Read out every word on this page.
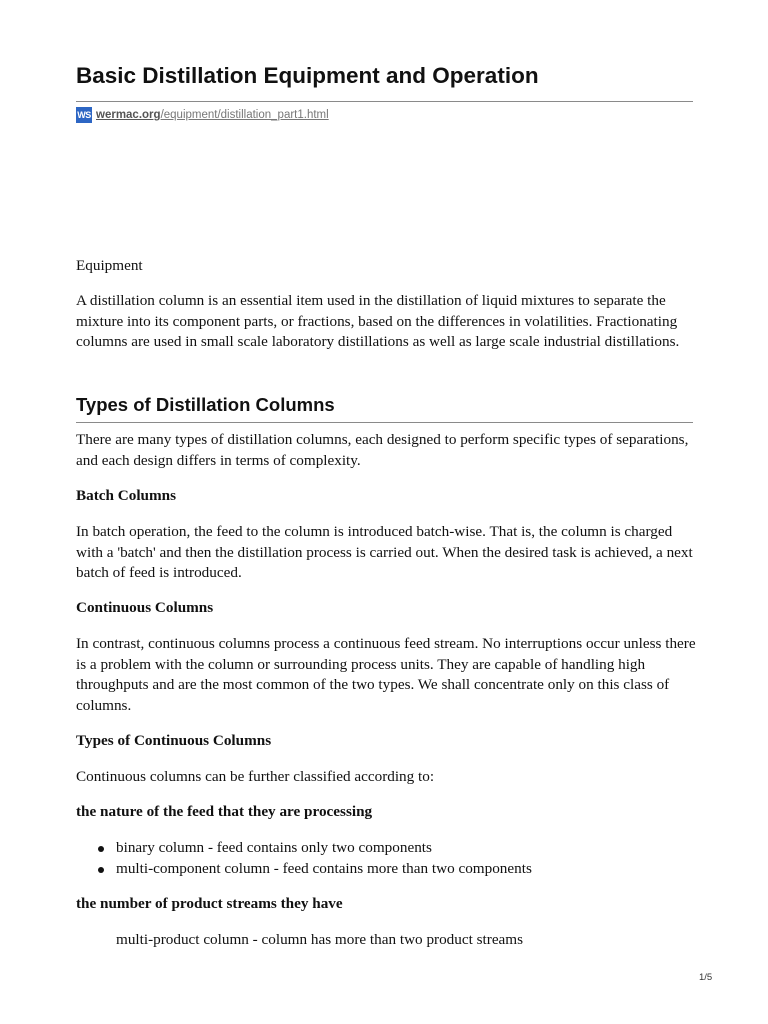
Basic Distillation Equipment and Operation
WS wermac.org/equipment/distillation_part1.html

Equipment

A distillation column is an essential item used in the distillation of liquid mixtures to separate the mixture into its component parts, or fractions, based on the differences in volatilities. Fractionating columns are used in small scale laboratory distillations as well as large scale industrial distillations.

Types of Distillation Columns

There are many types of distillation columns, each designed to perform specific types of separations, and each design differs in terms of complexity.

Batch Columns

In batch operation, the feed to the column is introduced batch-wise. That is, the column is charged with a 'batch' and then the distillation process is carried out. When the desired task is achieved, a next batch of feed is introduced.

Continuous Columns

In contrast, continuous columns process a continuous feed stream. No interruptions occur unless there is a problem with the column or surrounding process units. They are capable of handling high throughputs and are the most common of the two types. We shall concentrate only on this class of columns.

Types of Continuous Columns

Continuous columns can be further classified according to:

the nature of the feed that they are processing

binary column - feed contains only two components
multi-component column - feed contains more than two components

the number of product streams they have

multi-product column - column has more than two product streams

1/5
